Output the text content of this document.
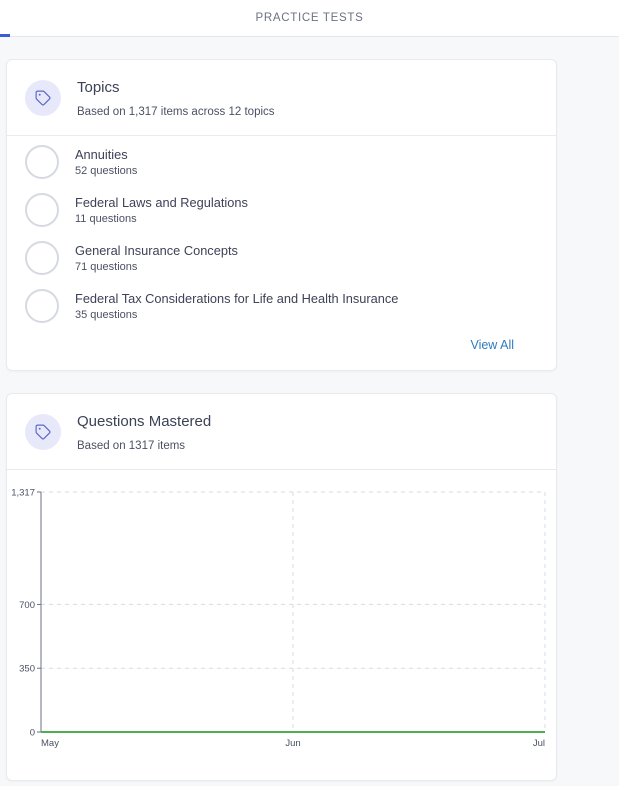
PRACTICE TESTS
Topics
Based on 1,317 items across 12 topics
Annuities
52 questions
Federal Laws and Regulations
11 questions
General Insurance Concepts
71 questions
Federal Tax Considerations for Life and Health Insurance
35 questions
View All
Questions Mastered
Based on 1317 items
0
350
700
1,317
May	Jun	Jul
